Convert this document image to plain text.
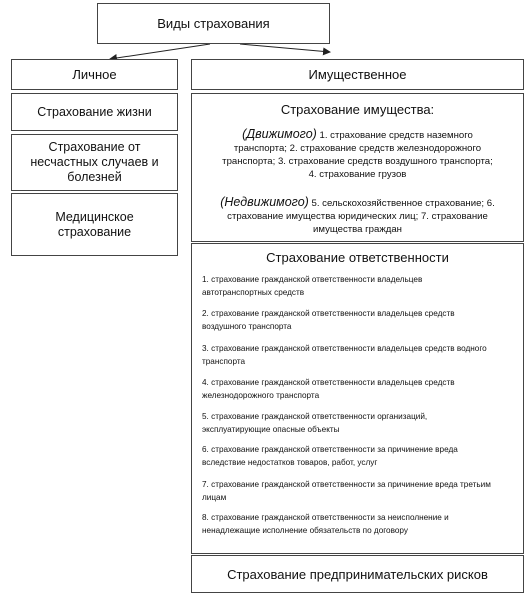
Виды страхования
Личное
Страхование жизни
Страхование от
несчастных случаев и
болезней
Медицинское
страхование
Имущественное
Страхование имущества:
(Движимого) 1. страхование средств наземного
транспорта; 2. страхование средств железнодорожного
транспорта; 3. страхование средств воздушного транспорта;
4. страхование грузов
(Недвижимого) 5. сельскохозяйственное страхование; 6.
страхование имущества юридических лиц; 7. страхование
имущества граждан
Страхование ответственности
1. страхование гражданской ответственности владельцев
автотранспортных средств
2. страхование гражданской ответственности владельцев средств
воздушного транспорта
3. страхование гражданской ответственности владельцев средств водного
транспорта
4. страхование гражданской ответственности владельцев средств
железнодорожного транспорта
5. страхование гражданской ответственности организаций,
эксплуатирующие опасные объекты
6. страхование гражданской ответственности за причинение вреда
вследствие недостатков товаров, работ, услуг
7. страхование гражданской ответственности за причинение вреда третьим
лицам
8. страхование гражданской ответственности за неисполнение и
ненадлежащие исполнение обязательств по договору
Страхование предпринимательских рисков
